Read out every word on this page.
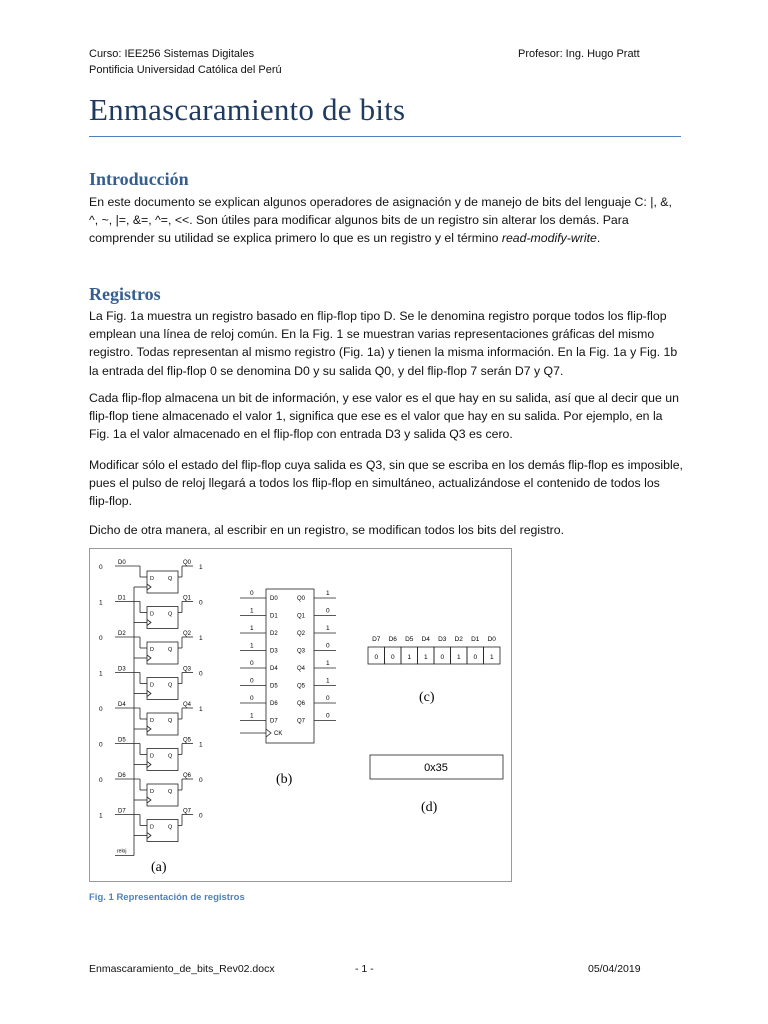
Curso: IEE256 Sistemas Digitales
Pontificia Universidad Católica del Perú
Profesor: Ing. Hugo Pratt
Enmascaramiento de bits
Introducción
En este documento se explican algunos operadores de asignación y de manejo de bits del lenguaje C: |, &, ^, ~, |=, &=, ^=, <<. Son útiles para modificar algunos bits de un registro sin alterar los demás. Para comprender su utilidad se explica primero lo que es un registro y el término read-modify-write.
Registros
La Fig. 1a muestra un registro basado en flip-flop tipo D. Se le denomina registro porque todos los flip-flop emplean una línea de reloj común. En la Fig. 1 se muestran varias representaciones gráficas del mismo registro. Todas representan al mismo registro (Fig. 1a) y tienen la misma información. En la Fig. 1a y Fig. 1b la entrada del flip-flop 0 se denomina D0 y su salida Q0, y del flip-flop 7 serán D7 y Q7.
Cada flip-flop almacena un bit de información, y ese valor es el que hay en su salida, así que al decir que un flip-flop tiene almacenado el valor 1, significa que ese es el valor que hay en su salida. Por ejemplo, en la Fig. 1a el valor almacenado en el flip-flop con entrada D3 y salida Q3 es cero.
Modificar sólo el estado del flip-flop cuya salida es Q3, sin que se escriba en los demás flip-flop es imposible, pues el pulso de reloj llegará a todos los flip-flop en simultáneo, actualizándose el contenido de todos los flip-flop.
Dicho de otra manera, al escribir en un registro, se modifican todos los bits del registro.
0
D0
D	Q
Q0
1
1
D1
D	Q
Q1
0
0
D2
D	Q
Q2
1
1
D3
D	Q
Q3
0
0
D4
D	Q
Q4
1
0
D5
D	Q
Q5
1
0
D6
D	Q
Q6
0
1
D7
D	Q
Q7
0
reloj
(a)
0
D0
1
D1
1
D2
1
D3
0
D4
0
D5
0
D6
1
D7
Q0
1
Q1
0
Q2
1
Q3
0
Q4
1
Q5
1
Q6
0
Q7
0
CK
(b)
D7 D6 D5 D4 D3 D2 D1 D0
0 0 1 1 0 1 0 1
(c)
0x35
(d)
Fig. 1 Representación de registros
Enmascaramiento_de_bits_Rev02.docx	- 1 -	05/04/2019
